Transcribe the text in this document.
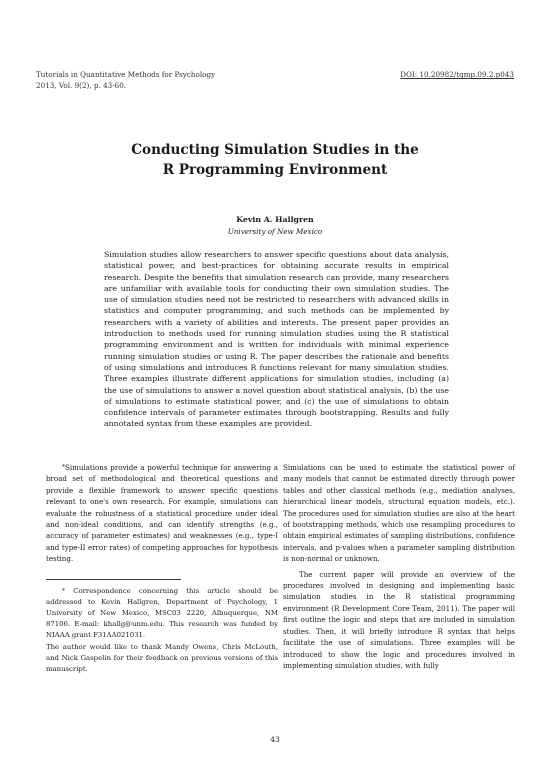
Tutorials in Quantitative Methods for Psychology
2013, Vol. 9(2), p. 43-60.
DOI: 10.20982/tqmp.09.2.p043
Conducting Simulation Studies in the
R Programming Environment
Kevin A. Hallgren
University of New Mexico
Simulation studies allow researchers to answer specific questions about data analysis, statistical power, and best-practices for obtaining accurate results in empirical research. Despite the benefits that simulation research can provide, many researchers are unfamiliar with available tools for conducting their own simulation studies. The use of simulation studies need not be restricted to researchers with advanced skills in statistics and computer programming, and such methods can be implemented by researchers with a variety of abilities and interests. The present paper provides an introduction to methods used for running simulation studies using the R statistical programming environment and is written for individuals with minimal experience running simulation studies or using R. The paper describes the rationale and benefits of using simulations and introduces R functions relevant for many simulation studies. Three examples illustrate different applications for simulation studies, including (a) the use of simulations to answer a novel question about statistical analysis, (b) the use of simulations to estimate statistical power, and (c) the use of simulations to obtain confidence intervals of parameter estimates through bootstrapping. Results and fully annotated syntax from these examples are provided.

*Simulations provide a powerful technique for answering a broad set of methodological and theoretical questions and provide a flexible framework to answer specific questions relevant to one's own research. For example, simulations can evaluate the robustness of a statistical procedure under ideal and non-ideal conditions, and can identify strengths (e.g., accuracy of parameter estimates) and weaknesses (e.g., type-I and type-II error rates) of competing approaches for hypothesis testing.

* Correspondence concerning this article should be addressed to Kevin Hallgren, Department of Psychology, 1 University of New Mexico, MSC03 2220, Albuquerque, NM 87106. E-mail: khallg@unm.edu. This research was funded by NIAAA grant F31AA021031.

The author would like to thank Mandy Owens, Chris McLouth, and Nick Gaspelin for their feedback on previous versions of this manuscript.

Simulations can be used to estimate the statistical power of many models that cannot be estimated directly through power tables and other classical methods (e.g., mediation analyses, hierarchical linear models, structural equation models, etc.). The procedures used for simulation studies are also at the heart of bootstrapping methods, which use resampling procedures to obtain empirical estimates of sampling distributions, confidence intervals, and p-values when a parameter sampling distribution is non-normal or unknown.

The current paper will provide an overview of the procedures involved in designing and implementing basic simulation studies in the R statistical programming environment (R Development Core Team, 2011). The paper will first outline the logic and steps that are included in simulation studies. Then, it will briefly introduce R syntax that helps facilitate the use of simulations. Three examples will be introduced to show the logic and procedures involved in implementing simulation studies, with fully

43
